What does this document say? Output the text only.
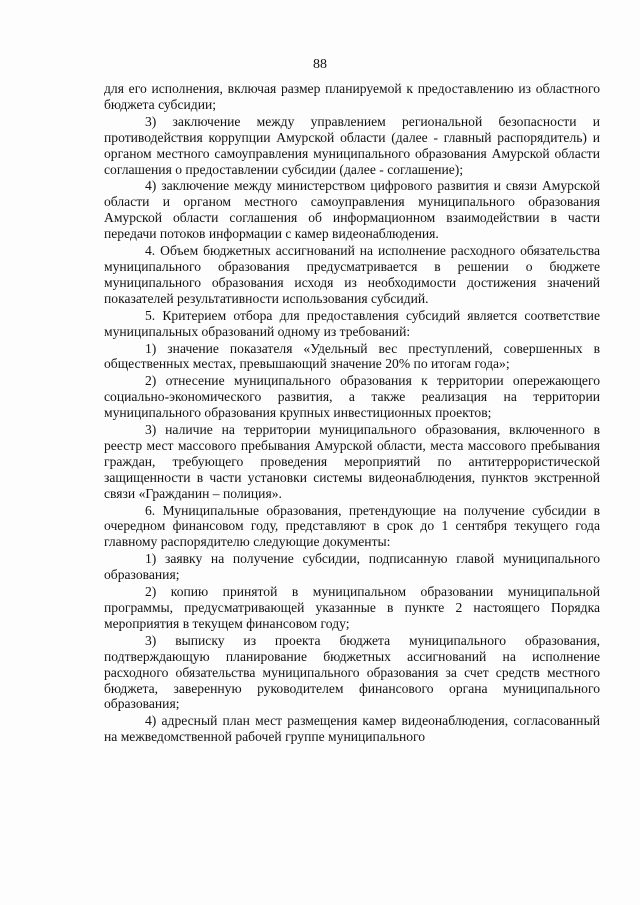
88

для его исполнения, включая размер планируемой к предоставлению из областного бюджета субсидии;

3) заключение между управлением региональной безопасности и противодействия коррупции Амурской области (далее - главный распорядитель) и органом местного самоуправления муниципального образования Амурской области соглашения о предоставлении субсидии (далее - соглашение);

4) заключение между министерством цифрового развития и связи Амурской области и органом местного самоуправления муниципального образования Амурской области соглашения об информационном взаимодействии в части передачи потоков информации с камер видеонаблюдения.

4. Объем бюджетных ассигнований на исполнение расходного обязательства муниципального образования предусматривается в решении о бюджете муниципального образования исходя из необходимости достижения значений показателей результативности использования субсидий.

5. Критерием отбора для предоставления субсидий является соответствие муниципальных образований одному из требований:

1) значение показателя «Удельный вес преступлений, совершенных в общественных местах, превышающий значение 20% по итогам года»;

2) отнесение муниципального образования к территории опережающего социально-экономического развития, а также реализация на территории муниципального образования крупных инвестиционных проектов;

3) наличие на территории муниципального образования, включенного в реестр мест массового пребывания Амурской области, места массового пребывания граждан, требующего проведения мероприятий по антитеррористической защищенности в части установки системы видеонаблюдения, пунктов экстренной связи «Гражданин – полиция».

6. Муниципальные образования, претендующие на получение субсидии в очередном финансовом году, представляют в срок до 1 сентября текущего года главному распорядителю следующие документы:

1) заявку на получение субсидии, подписанную главой муниципального образования;

2) копию принятой в муниципальном образовании муниципальной программы, предусматривающей указанные в пункте 2 настоящего Порядка мероприятия в текущем финансовом году;

3) выписку из проекта бюджета муниципального образования, подтверждающую планирование бюджетных ассигнований на исполнение расходного обязательства муниципального образования за счет средств местного бюджета, заверенную руководителем финансового органа муниципального образования;

4) адресный план мест размещения камер видеонаблюдения, согласованный на межведомственной рабочей группе муниципального
